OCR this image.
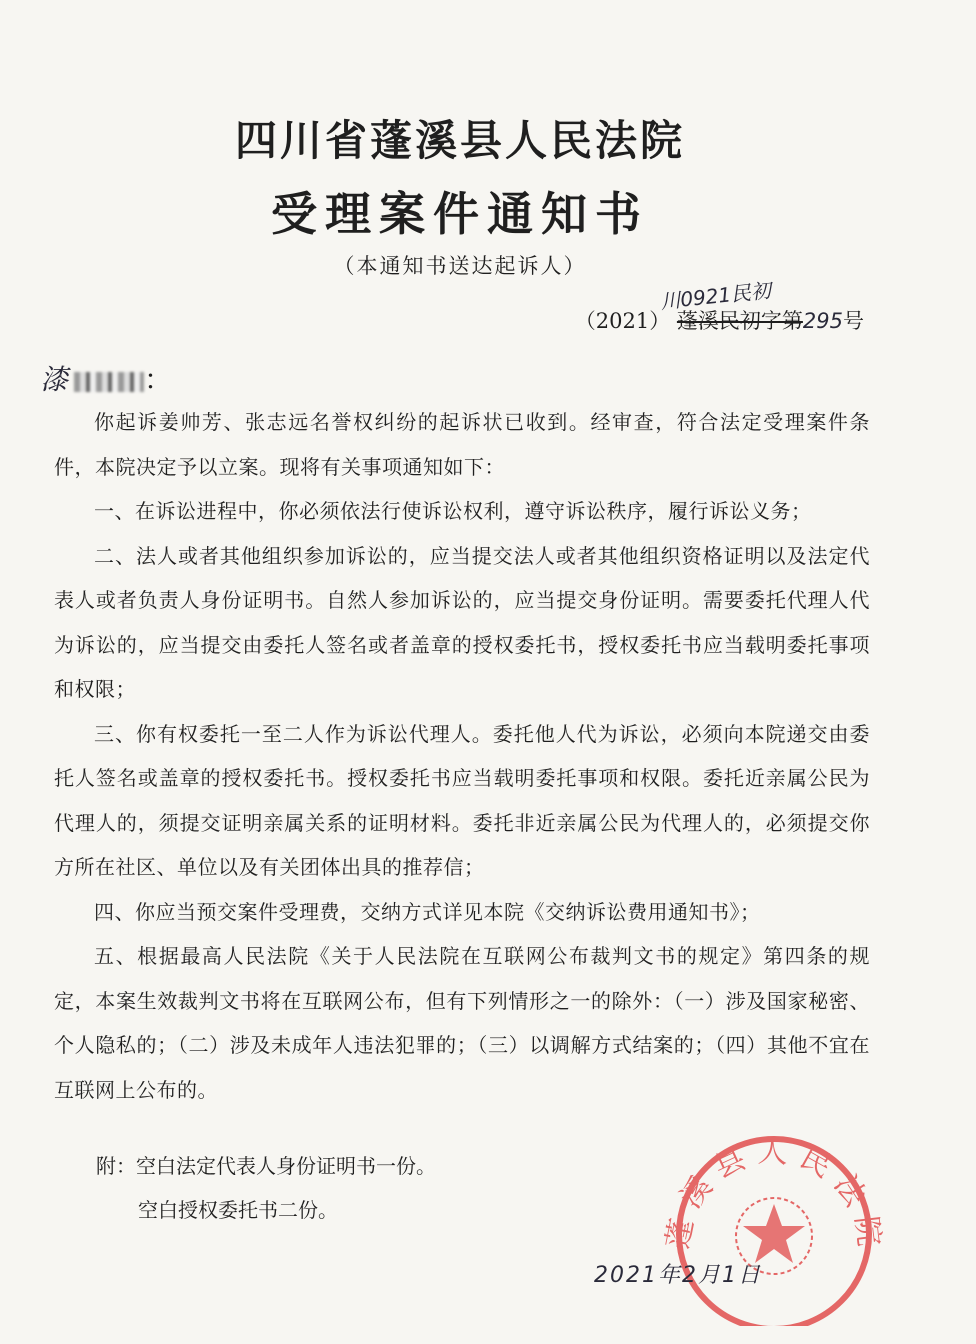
四川省蓬溪县人民法院
受理案件通知书
（本通知书送达起诉人）
川0921民初
（2021） 蓬溪民初字第295号
漆	：

你起诉姜帅芳、张志远名誉权纠纷的起诉状已收到。经审查，符合法定受理案件条件，本院决定予以立案。现将有关事项通知如下：

一、在诉讼进程中，你必须依法行使诉讼权利，遵守诉讼秩序，履行诉讼义务；

二、法人或者其他组织参加诉讼的，应当提交法人或者其他组织资格证明以及法定代表人或者负责人身份证明书。自然人参加诉讼的，应当提交身份证明。需要委托代理人代为诉讼的，应当提交由委托人签名或者盖章的授权委托书，授权委托书应当载明委托事项和权限；

三、你有权委托一至二人作为诉讼代理人。委托他人代为诉讼，必须向本院递交由委托人签名或盖章的授权委托书。授权委托书应当载明委托事项和权限。委托近亲属公民为代理人的，须提交证明亲属关系的证明材料。委托非近亲属公民为代理人的，必须提交你方所在社区、单位以及有关团体出具的推荐信；

四、你应当预交案件受理费，交纳方式详见本院《交纳诉讼费用通知书》；

五、根据最高人民法院《关于人民法院在互联网公布裁判文书的规定》第四条的规定，本案生效裁判文书将在互联网公布，但有下列情形之一的除外：（一）涉及国家秘密、个人隐私的；（二）涉及未成年人违法犯罪的；（三）以调解方式结案的；（四）其他不宜在互联网上公布的。

附：空白法定代表人身份证明书一份。
空白授权委托书二份。	蓬溪县人民法院
2021年2月1日
